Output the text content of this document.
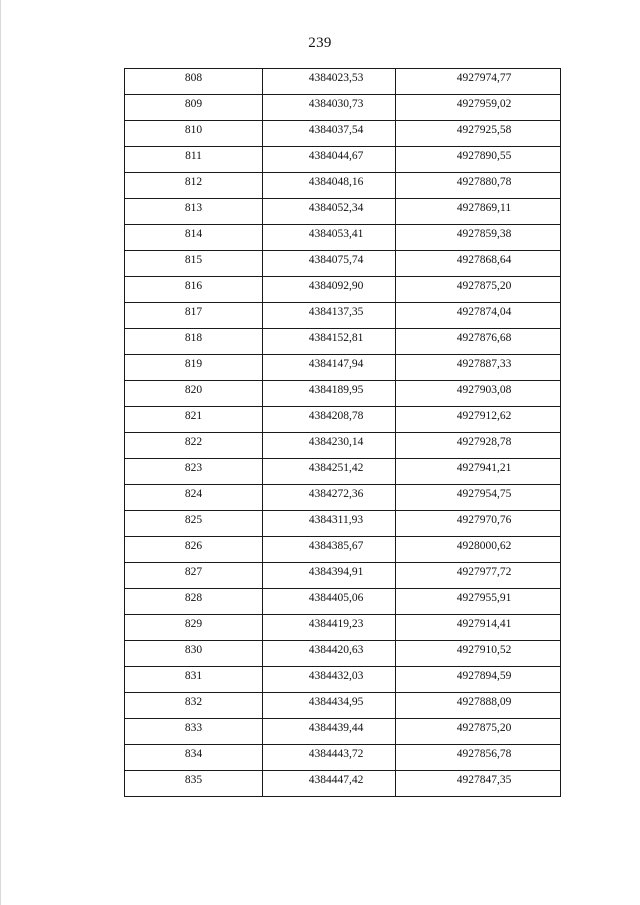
239
808	4384023,53	4927974,77
809	4384030,73	4927959,02
810	4384037,54	4927925,58
811	4384044,67	4927890,55
812	4384048,16	4927880,78
813	4384052,34	4927869,11
814	4384053,41	4927859,38
815	4384075,74	4927868,64
816	4384092,90	4927875,20
817	4384137,35	4927874,04
818	4384152,81	4927876,68
819	4384147,94	4927887,33
820	4384189,95	4927903,08
821	4384208,78	4927912,62
822	4384230,14	4927928,78
823	4384251,42	4927941,21
824	4384272,36	4927954,75
825	4384311,93	4927970,76
826	4384385,67	4928000,62
827	4384394,91	4927977,72
828	4384405,06	4927955,91
829	4384419,23	4927914,41
830	4384420,63	4927910,52
831	4384432,03	4927894,59
832	4384434,95	4927888,09
833	4384439,44	4927875,20
834	4384443,72	4927856,78
835	4384447,42	4927847,35
